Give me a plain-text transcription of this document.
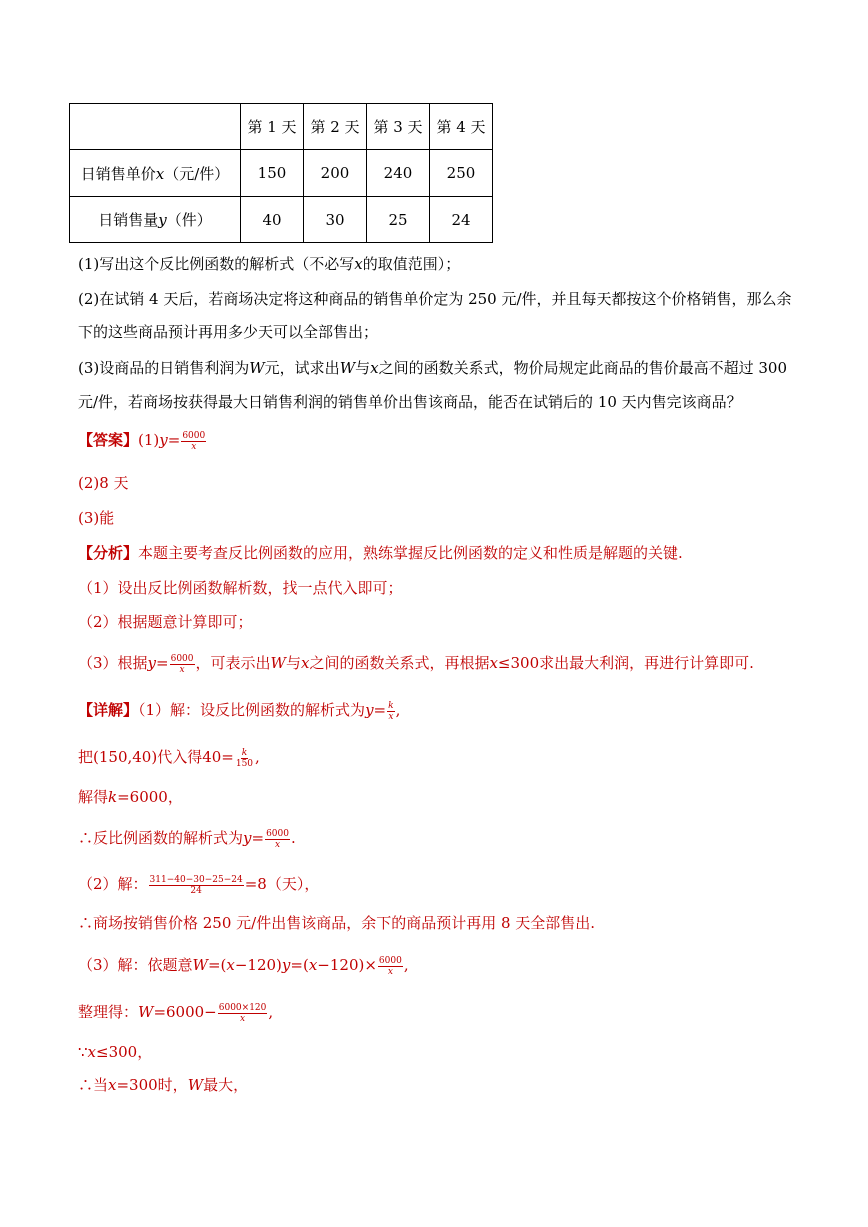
	第 1 天	第 2 天	第 3 天	第 4 天
日销售单价x（元/件）	150	200	240	250
日销售量y（件）	40	30	25	24
(1)写出这个反比例函数的解析式（不必写x的取值范围）；
(2)在试销 4 天后，若商场决定将这种商品的销售单价定为 250 元/件，并且每天都按这个价格销售，那么余
下的这些商品预计再用多少天可以全部售出；
(3)设商品的日销售利润为W元，试求出W与x之间的函数关系式，物价局规定此商品的售价最高不超过 300
元/件，若商场按获得最大日销售利润的销售单价出售该商品，能否在试销后的 10 天内售完该商品？
【答案】$(1)y= \frac{6000}{x}$
(2)8 天
(3)能
【分析】本题主要考查反比例函数的应用，熟练掌握反比例函数的定义和性质是解题的关键.
（1）设出反比例函数解析数，找一点代入即可；
（2）根据题意计算即可；
（3）根据$y= \frac{6000}{x}$ ，可表示出W与x之间的函数关系式，再根据x≤300求出最大利润，再进行计算即可.
【详解】（1）解：设反比例函数的解析式为$y= \frac{k}{x}$ ,
把(150,40)代入得$40= \frac{k}{150}$ ,
解得k=6000，
∴反比例函数的解析式为$y= \frac{6000}{x}$ .
（2）解： $\frac{311-40-30-25-24}{24} =8$（天），
∴商场按销售价格 250 元/件出售该商品，余下的商品预计再用 8 天全部售出.
（3）解：依题意$W=(x-120)y=(x-120)\times \frac{6000}{x}$ ,
整理得：$W=6000- \frac{6000\times 120}{x}$ ,
∵x≤300，
∴当x=300时，W最大，
